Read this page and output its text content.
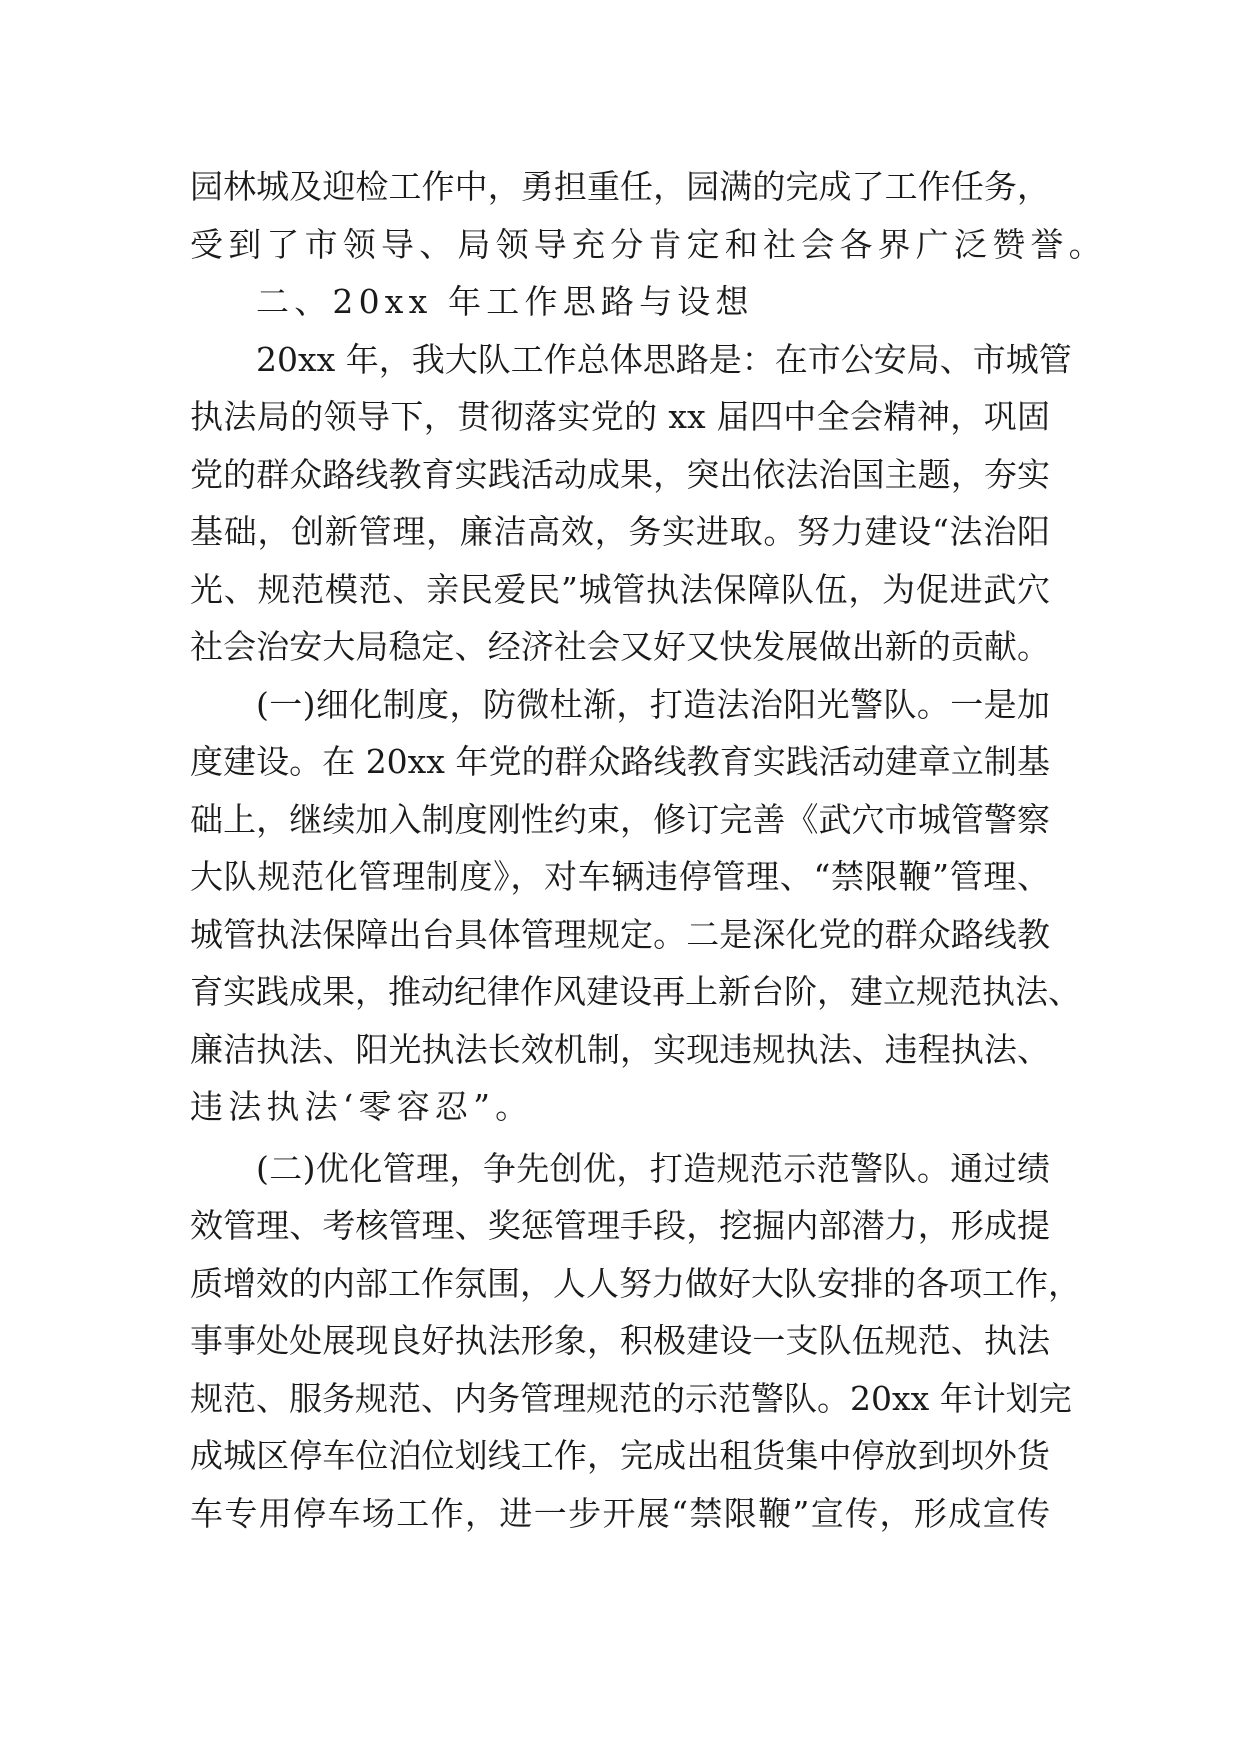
园林城及迎检工作中，勇担重任，园满的完成了工作任务，
受到了市领导、局领导充分肯定和社会各界广泛赞誉。
二、20xx 年工作思路与设想
20xx 年，我大队工作总体思路是：在市公安局、市城管
执法局的领导下，贯彻落实党的 xx 届四中全会精神，巩固
党的群众路线教育实践活动成果，突出依法治国主题，夯实
基础，创新管理，廉洁高效，务实进取。努力建设“法治阳
光、规范模范、亲民爱民”城管执法保障队伍，为促进武穴
社会治安大局稳定、经济社会又好又快发展做出新的贡献。
(一)细化制度，防微杜渐，打造法治阳光警队。一是加
度建设。在 20xx 年党的群众路线教育实践活动建章立制基
础上，继续加入制度刚性约束，修订完善《武穴市城管警察
大队规范化管理制度》，对车辆违停管理、“禁限鞭”管理、
城管执法保障出台具体管理规定。二是深化党的群众路线教
育实践成果，推动纪律作风建设再上新台阶，建立规范执法、
廉洁执法、阳光执法长效机制，实现违规执法、违程执法、
违法执法‘零容忍”。
(二)优化管理，争先创优，打造规范示范警队。通过绩
效管理、考核管理、奖惩管理手段，挖掘内部潜力，形成提
质增效的内部工作氛围，人人努力做好大队安排的各项工作，
事事处处展现良好执法形象，积极建设一支队伍规范、执法
规范、服务规范、内务管理规范的示范警队。20xx 年计划完
成城区停车位泊位划线工作，完成出租货集中停放到坝外货
车专用停车场工作，进一步开展“禁限鞭”宣传，形成宣传
